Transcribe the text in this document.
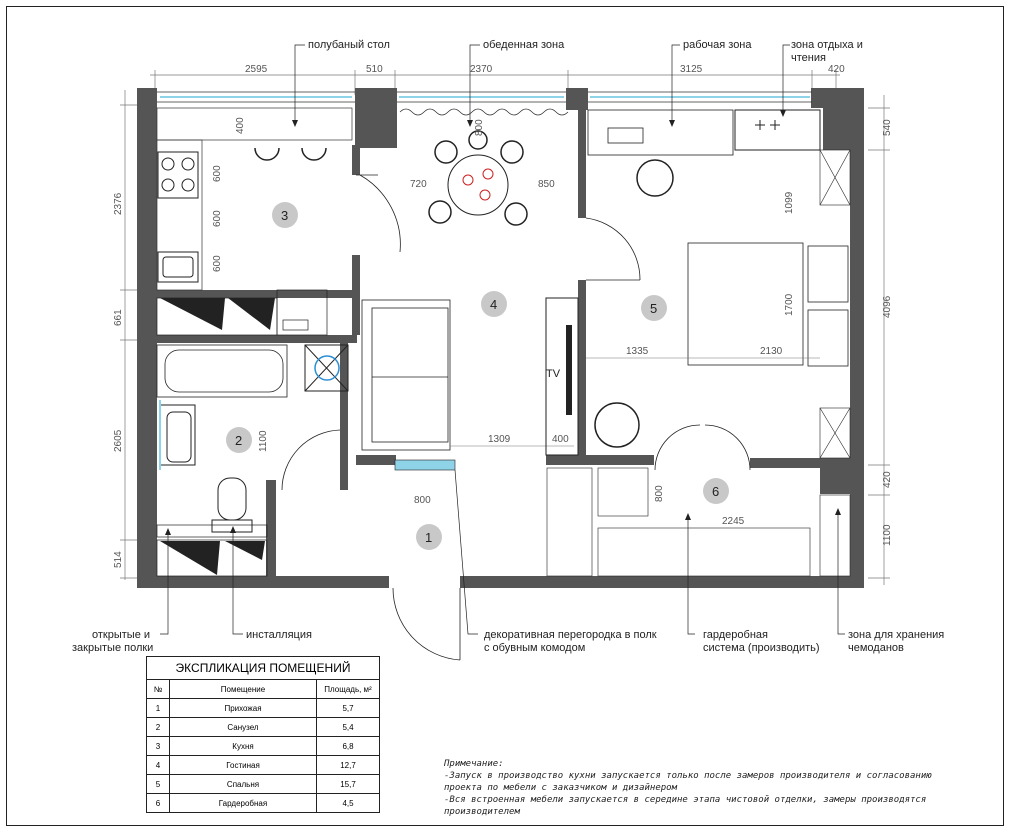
2595	510	2370	3125	420
2376
661
2605
514
540
4096
420
1100
400
600
600
600
1100
800
720	850
1309	400
TV
800
1099
1700
1335	2130
800
2245
1
2
3
4	5
6
полубаный стол	обеденная зона	рабочая зона	зона отдыха и
чтения
открытые и
закрытые полки
инсталляция	декоративная перегородка в полк
с обувным комодом
гардеробная
система (производить)
зона для хранения
чемоданов
Примечание:
-Запуск в производство кухни запускается только после замеров производителя и согласованию
проекта по мебели с заказчиком и дизайнером
-Вся встроенная мебели запускается в середине этапа чистовой отделки, замеры производятся
производителем
ЭКСПЛИКАЦИЯ ПОМЕЩЕНИЙ		
№	Помещение	Площадь, м²
1	Прихожая	5,7
2	Санузел	5,4
3	Кухня	6,8
4	Гостиная	12,7
5	Спальня	15,7
6	Гардеробная	4,5
